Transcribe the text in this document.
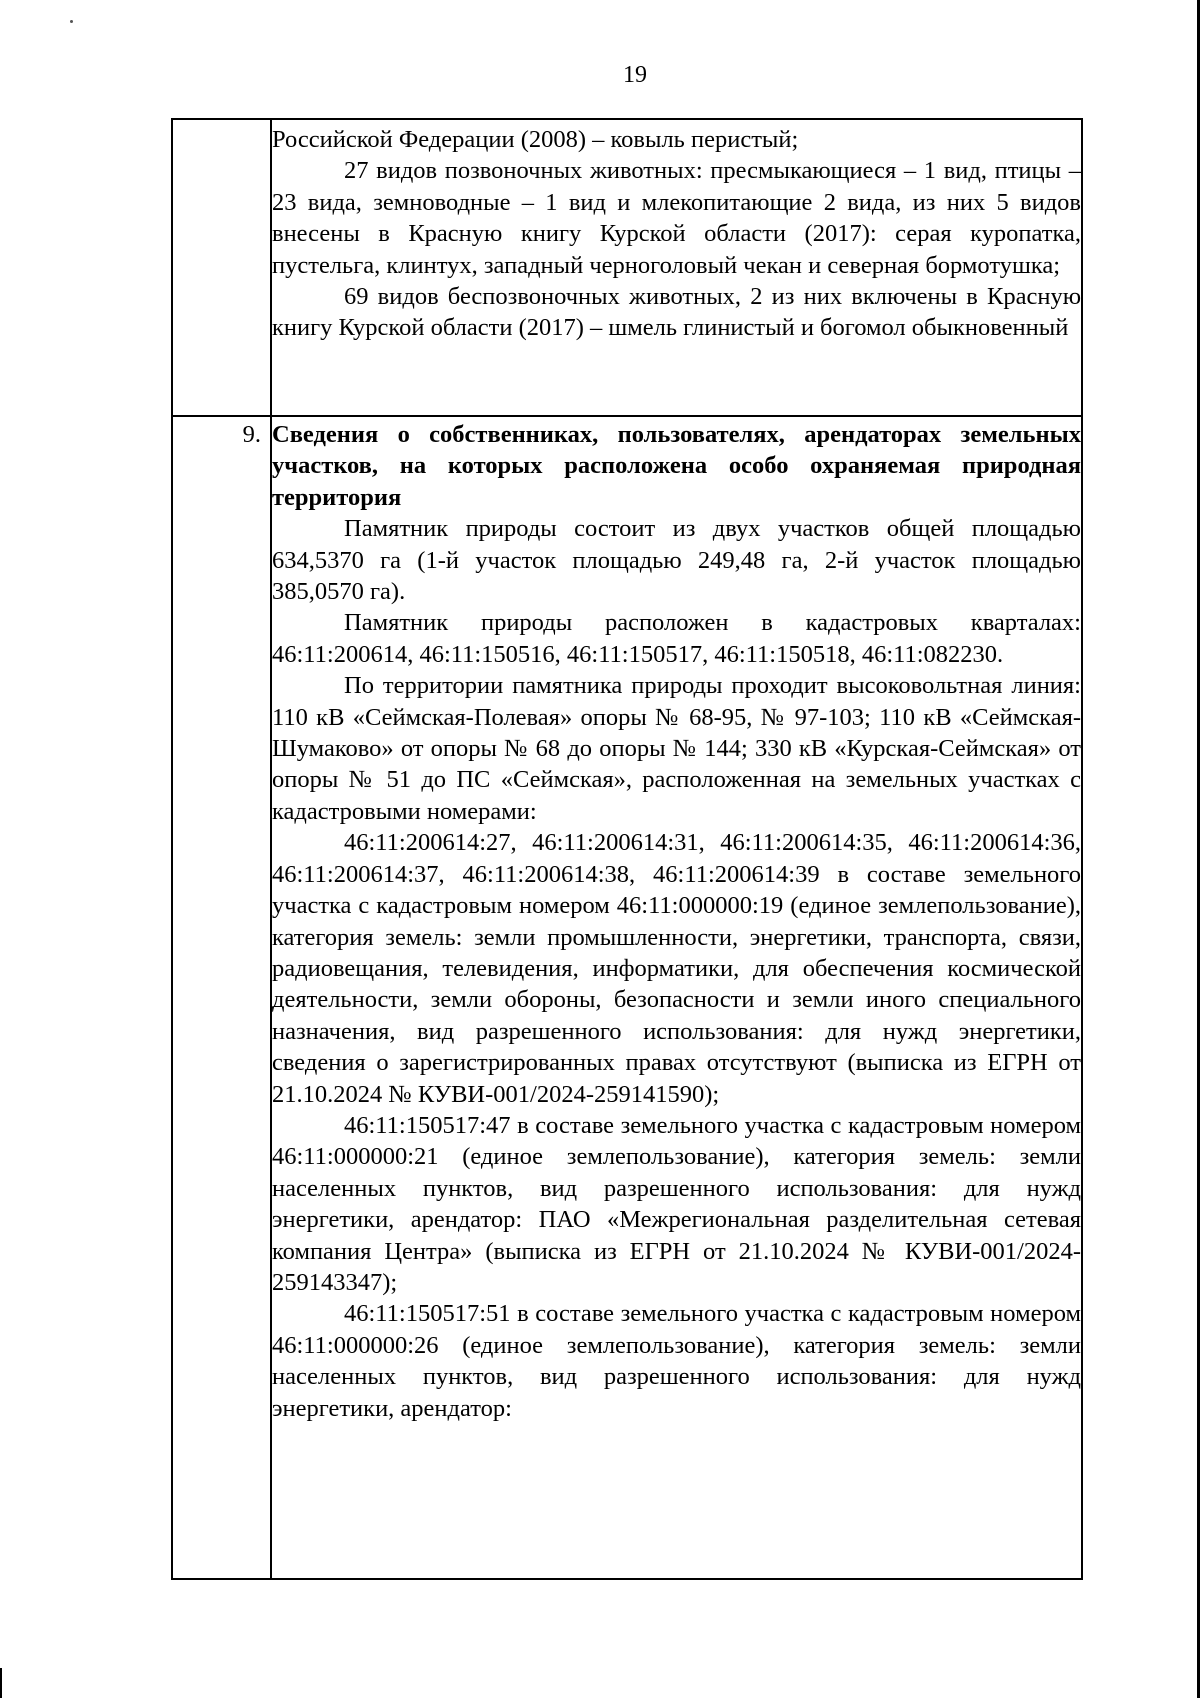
19

Российской Федерации (2008) – ковыль перистый;

27 видов позвоночных животных: пресмыкающиеся – 1 вид, птицы – 23 вида, земноводные – 1 вид и млекопитающие 2 вида, из них 5 видов внесены в Красную книгу Курской области (2017): серая куропатка, пустельга, клинтух, западный черноголовый чекан и северная бормотушка;

69 видов беспозвоночных животных, 2 из них включены в Красную книгу Курской области (2017) – шмель глинистый и богомол обыкновенный

9. Сведения о собственниках, пользователях, арендаторах земельных участков, на которых расположена особо охраняемая природная территория

Памятник природы состоит из двух участков общей площадью 634,5370 га (1-й участок площадью 249,48 га, 2-й участок площадью 385,0570 га).

Памятник природы расположен в кадастровых кварталах: 46:11:200614, 46:11:150516, 46:11:150517, 46:11:150518, 46:11:082230.

По территории памятника природы проходит высоковольтная линия: 110 кВ «Сеймская-Полевая» опоры № 68-95, № 97-103; 110 кВ «Сеймская-Шумаково» от опоры № 68 до опоры № 144; 330 кВ «Курская-Сеймская» от опоры № 51 до ПС «Сеймская», расположенная на земельных участках с кадастровыми номерами:

46:11:200614:27, 46:11:200614:31, 46:11:200614:35, 46:11:200614:36, 46:11:200614:37, 46:11:200614:38, 46:11:200614:39 в составе земельного участка с кадастровым номером 46:11:000000:19 (единое землепользование), категория земель: земли промышленности, энергетики, транспорта, связи, радиовещания, телевидения, информатики, для обеспечения космической деятельности, земли обороны, безопасности и земли иного специального назначения, вид разрешенного использования: для нужд энергетики, сведения о зарегистрированных правах отсутствуют (выписка из ЕГРН от 21.10.2024 № КУВИ-001/2024-259141590);

46:11:150517:47 в составе земельного участка с кадастровым номером 46:11:000000:21 (единое землепользование), категория земель: земли населенных пунктов, вид разрешенного использования: для нужд энергетики, арендатор: ПАО «Межрегиональная разделительная сетевая компания Центра» (выписка из ЕГРН от 21.10.2024 № КУВИ-001/2024-259143347);

46:11:150517:51 в составе земельного участка с кадастровым номером 46:11:000000:26 (единое землепользование), категория земель: земли населенных пунктов, вид разрешенного использования: для нужд энергетики, арендатор:
